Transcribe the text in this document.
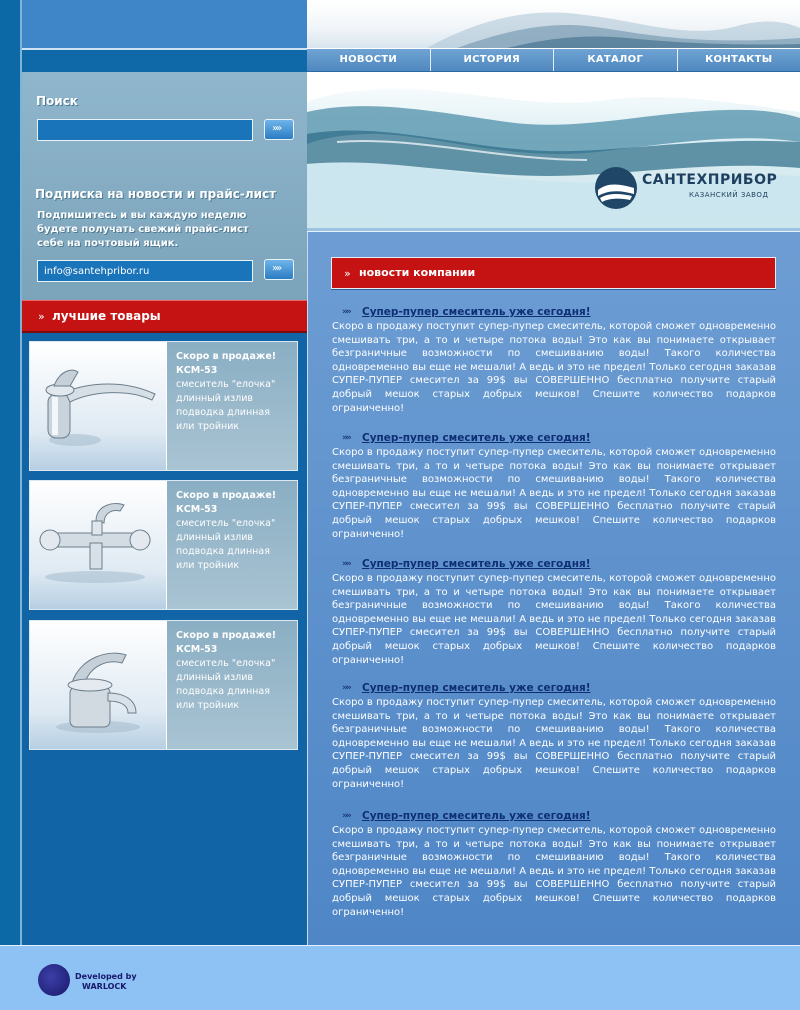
НОВОСТИ	ИСТОРИЯ	КАТАЛОГ	КОНТАКТЫ
Поиск
»»
Подписка на новости и прайс-лист
Подпишитесь и вы каждую неделю будете получать свежий прайс-лист себе на почтовый ящик.
info@santehpribor.ru
»»
» лучшие товары
Скоро в продаже!
КСМ-53
смеситель "елочка" длинный излив подводка длинная или тройник
Скоро в продаже!
КСМ-53
смеситель "елочка" длинный излив подводка длинная или тройник
Скоро в продаже!
КСМ-53
смеситель "елочка" длинный излив подводка длинная или тройник
САНТЕХПРИБОР
КАЗАНСКИЙ ЗАВОД
» новости компании
»» Супер-пупер смеситель уже сегодня!
Скоро в продажу поступит супер-пупер смеситель, которой сможет одновременно смешивать три, а то и четыре потока воды! Это как вы понимаете открывает безграничные возможности по смешиванию воды! Такого количества одновременно вы еще не мешали! А ведь и это не предел! Только сегодня заказав СУПЕР-ПУПЕР смесител за 99$ вы СОВЕРШЕННО бесплатно получите старый добрый мешок старых добрых мешков! Спешите количество подарков ограниченно!
»» Супер-пупер смеситель уже сегодня!
Скоро в продажу поступит супер-пупер смеситель, которой сможет одновременно смешивать три, а то и четыре потока воды! Это как вы понимаете открывает безграничные возможности по смешиванию воды! Такого количества одновременно вы еще не мешали! А ведь и это не предел! Только сегодня заказав СУПЕР-ПУПЕР смесител за 99$ вы СОВЕРШЕННО бесплатно получите старый добрый мешок старых добрых мешков! Спешите количество подарков ограниченно!
»» Супер-пупер смеситель уже сегодня!
Скоро в продажу поступит супер-пупер смеситель, которой сможет одновременно смешивать три, а то и четыре потока воды! Это как вы понимаете открывает безграничные возможности по смешиванию воды! Такого количества одновременно вы еще не мешали! А ведь и это не предел! Только сегодня заказав СУПЕР-ПУПЕР смесител за 99$ вы СОВЕРШЕННО бесплатно получите старый добрый мешок старых добрых мешков! Спешите количество подарков ограниченно!
»» Супер-пупер смеситель уже сегодня!
Скоро в продажу поступит супер-пупер смеситель, которой сможет одновременно смешивать три, а то и четыре потока воды! Это как вы понимаете открывает безграничные возможности по смешиванию воды! Такого количества одновременно вы еще не мешали! А ведь и это не предел! Только сегодня заказав СУПЕР-ПУПЕР смесител за 99$ вы СОВЕРШЕННО бесплатно получите старый добрый мешок старых добрых мешков! Спешите количество подарков ограниченно!
»» Супер-пупер смеситель уже сегодня!
Скоро в продажу поступит супер-пупер смеситель, которой сможет одновременно смешивать три, а то и четыре потока воды! Это как вы понимаете открывает безграничные возможности по смешиванию воды! Такого количества одновременно вы еще не мешали! А ведь и это не предел! Только сегодня заказав СУПЕР-ПУПЕР смесител за 99$ вы СОВЕРШЕННО бесплатно получите старый добрый мешок старых добрых мешков! Спешите количество подарков ограниченно!
Developed by
WARLOCK
